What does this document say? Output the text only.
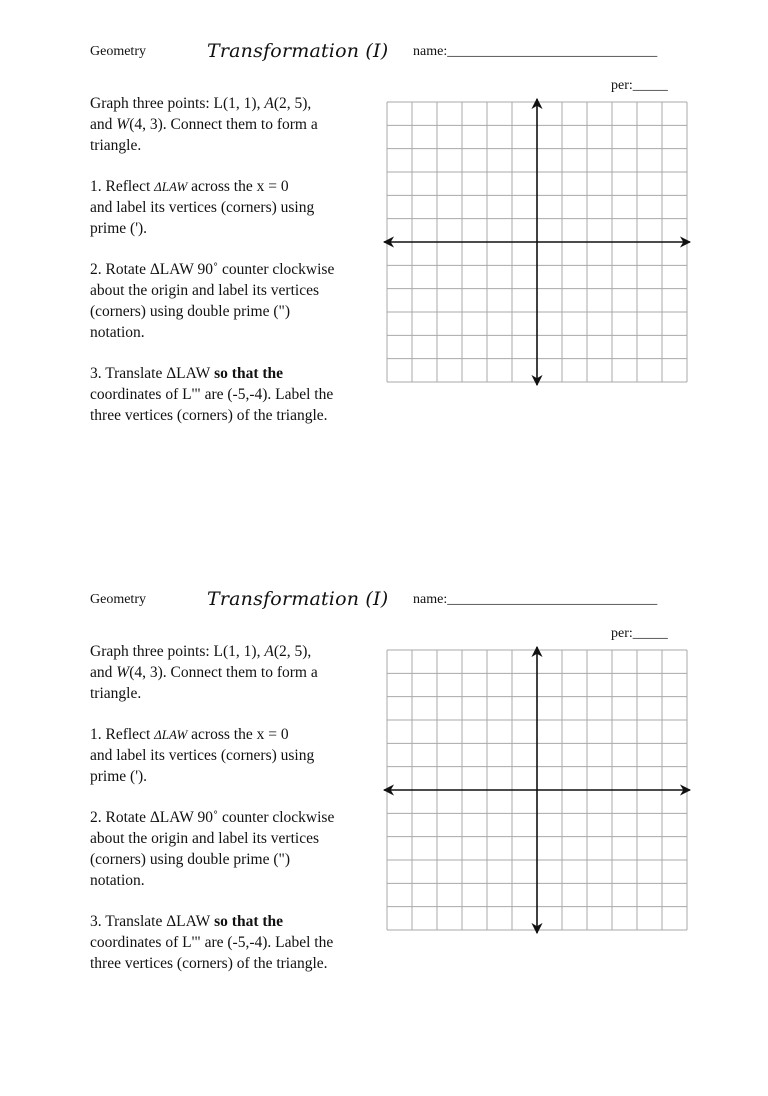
Geometry	Transformation (I) name:______________________________
per:_____

Graph three points: L(1, 1), A(2, 5),
and W(4, 3). Connect them to form a
triangle.

1. Reflect ΔLAW across the x = 0
and label its vertices (corners) using
prime (').

2. Rotate ΔLAW 90˚ counter clockwise
about the origin and label its vertices
(corners) using double prime (")
notation.

3. Translate ΔLAW so that the
coordinates of L'" are (-5,-4). Label the
three vertices (corners) of the triangle.

Geometry	Transformation (I) name:______________________________
per:_____

Graph three points: L(1, 1), A(2, 5),
and W(4, 3). Connect them to form a
triangle.

1. Reflect ΔLAW across the x = 0
and label its vertices (corners) using
prime (').

2. Rotate ΔLAW 90˚ counter clockwise
about the origin and label its vertices
(corners) using double prime (")
notation.

3. Translate ΔLAW so that the
coordinates of L'" are (-5,-4). Label the
three vertices (corners) of the triangle.
